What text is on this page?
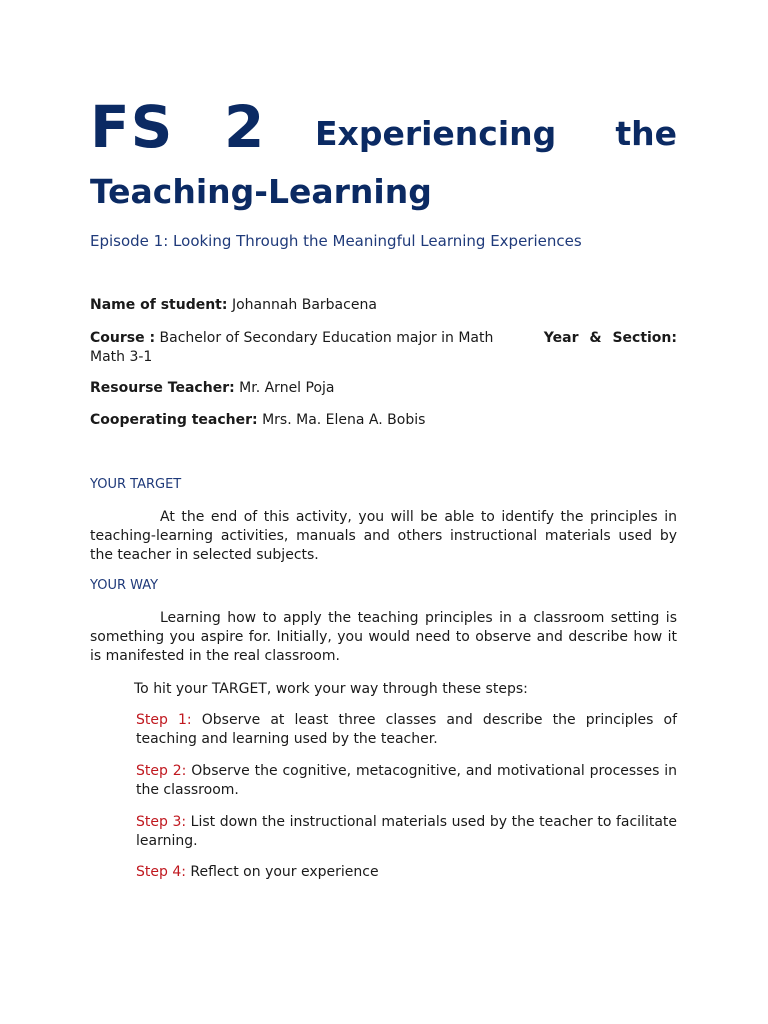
FS 2 Experiencing the
Teaching-Learning
Episode 1: Looking Through the Meaningful Learning Experiences
Name of student: Johannah Barbacena
Course : Bachelor of Secondary Education major in Math	Year & Section:
Math 3-1
Resourse Teacher: Mr. Arnel Poja
Cooperating teacher: Mrs. Ma. Elena A. Bobis
YOUR TARGET
At the end of this activity, you will be able to identify the principles in teaching-learning activities, manuals and others instructional materials used by the teacher in selected subjects.
YOUR WAY
Learning how to apply the teaching principles in a classroom setting is something you aspire for. Initially, you would need to observe and describe how it is manifested in the real classroom.
To hit your TARGET, work your way through these steps:
Step 1: Observe at least three classes and describe the principles of teaching and learning used by the teacher.
Step 2: Observe the cognitive, metacognitive, and motivational processes in the classroom.
Step 3: List down the instructional materials used by the teacher to facilitate learning.
Step 4: Reflect on your experience
